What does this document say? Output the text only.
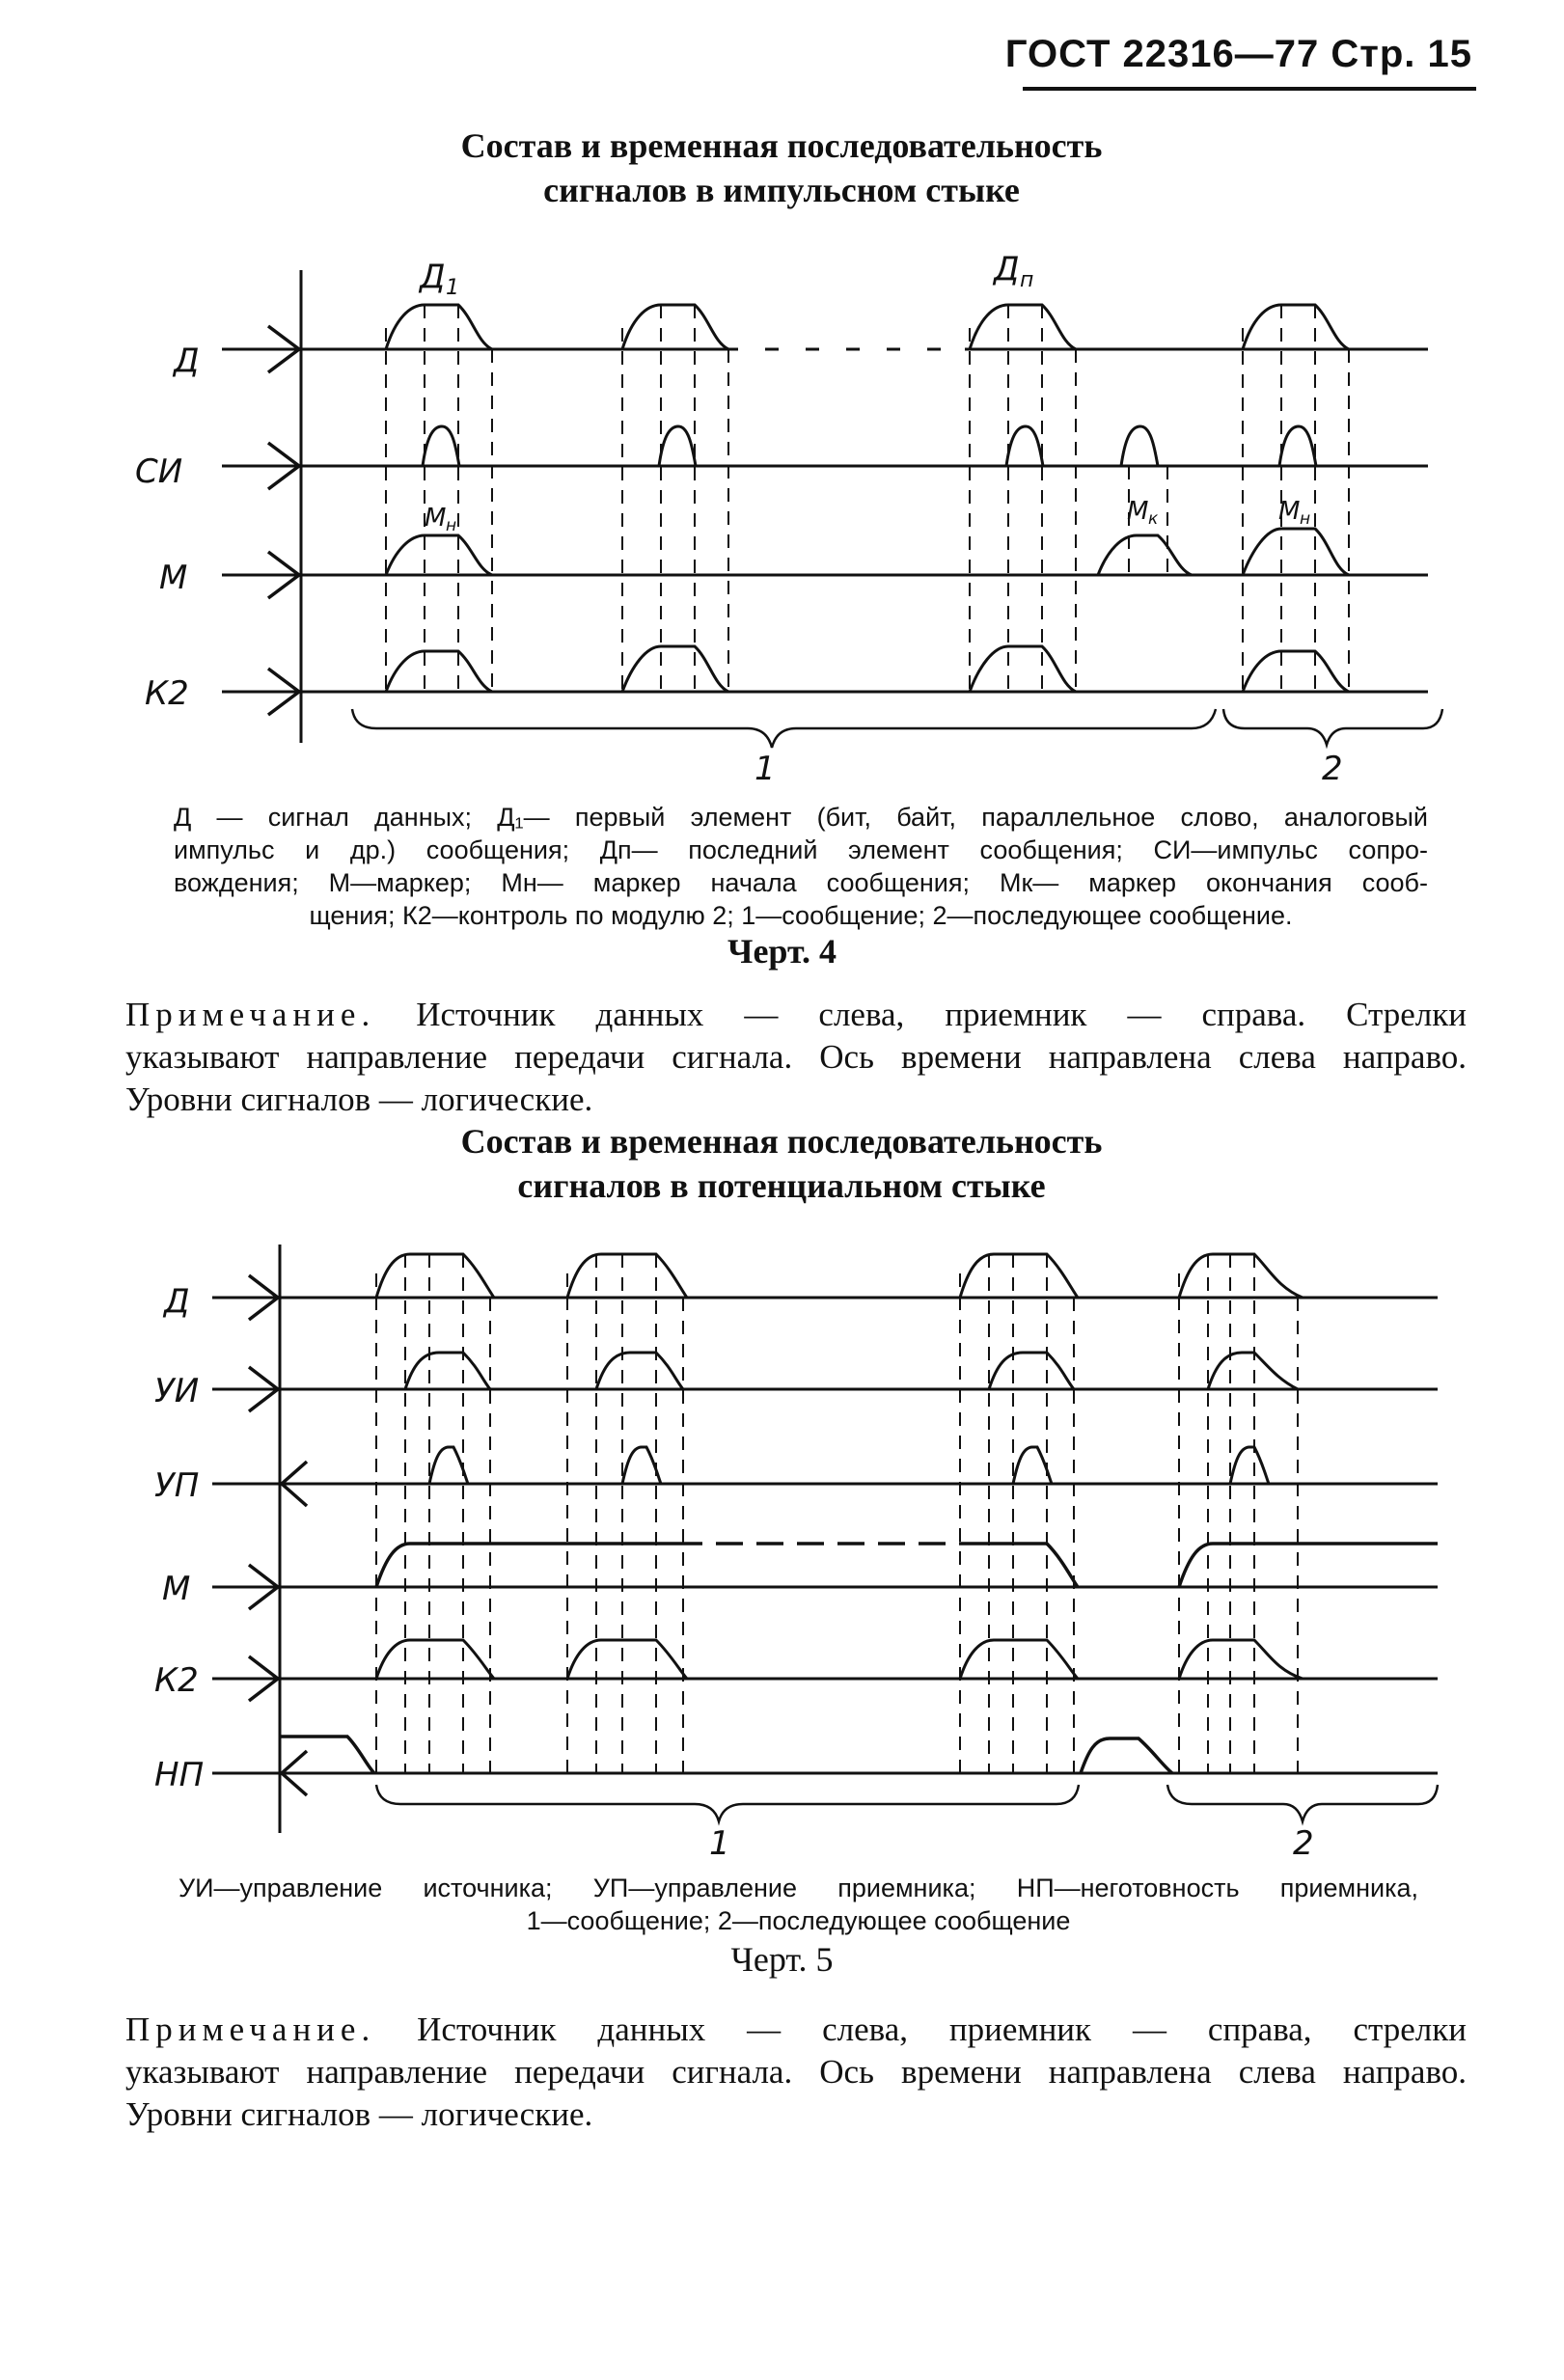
ГОСТ 22316—77 Стр. 15
Состав и временная последовательность
сигналов в импульсном стыке
Д
СИ
М
К2
Д 1	Д п
М н	М к	М н
1	2
Д — сигнал данных; Д₁— первый элемент (бит, байт, параллельное слово, аналоговый
импульс и др.) сообщения; Дп— последний элемент сообщения; СИ—импульс сопро-
вождения; М—маркер; Мн— маркер начала сообщения; Мк— маркер окончания сооб-
щения; К2—контроль по модулю 2; 1—сообщение; 2—последующее сообщение.
Черт. 4
Примечание. Источник данных — слева, приемник — справа. Стрелки
указывают направление передачи сигнала. Ось времени направлена слева направо.
Уровни сигналов — логические.
Состав и временная последовательность
сигналов в потенциальном стыке
Д
УИ
УП
М
К2
НП
1	2
УИ—управление источника; УП—управление приемника; НП—неготовность приемника,
1—сообщение; 2—последующее сообщение
Черт. 5
Примечание. Источник данных — слева, приемник — справа, стрелки
указывают направление передачи сигнала. Ось времени направлена слева направо.
Уровни сигналов — логические.
